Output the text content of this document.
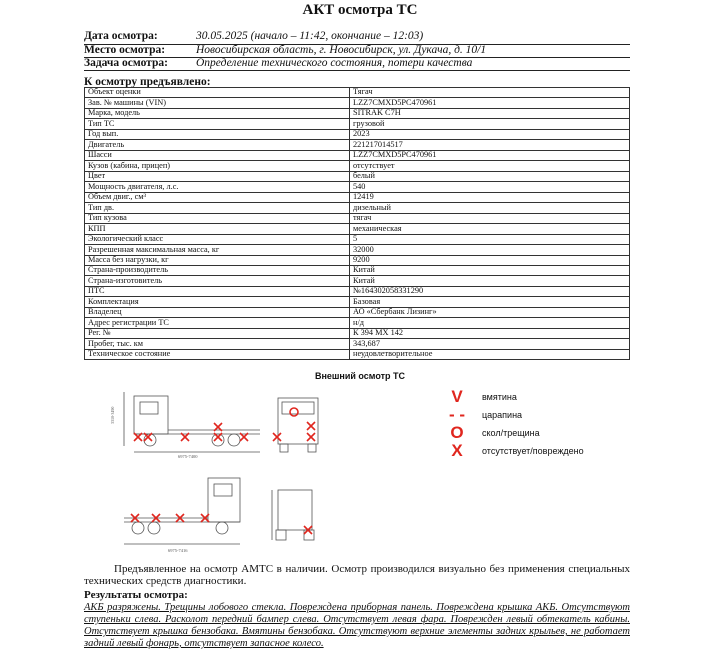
АКТ осмотра ТС
Дата осмотра:	30.05.2025 (начало – 11:42, окончание – 12:03)
Место осмотра:	Новосибирская область, г. Новосибирск, ул. Дукача, д. 10/1
Задача осмотра: Определение технического состояния, потери качества
К осмотру предъявлено:
Объект оценки	Тягач
Зав. № машины (VIN)	LZZ7CMXD5PC470961
Марка, модель	SITRAK C7H
Тип ТС	грузовой
Год вып.	2023
Двигатель	221217014517
Шасси	LZZ7CMXD5PC470961
Кузов (кабина, прицеп)	отсутствует
Цвет	белый
Мощность двигателя, л.с.	540
Объем двиг., см³	12419
Тип дв.	дизельный
Тип кузова	тягач
КПП	механическая
Экологический класс	5
Разрешенная максимальная масса, кг	32000
Масса без нагрузки, кг	9200
Страна-производитель	Китай
Страна-изготовитель	Китай
ПТС	№164302058331290
Комплектация	Базовая
Владелец	АО «Сбербанк Лизинг»
Адрес регистрации ТС	н/д
Рег. №	К 394 МХ 142
Пробег, тыс. км	343,687
Техническое состояние	неудовлетворительное
Внешний осмотр ТС
3310-3490
6975-7400
6975-7416
V	вмятина
- - царапина
O скол/трещина
X	отсутствует/повреждено
Предъявленное на осмотр АМТС в наличии. Осмотр производился визуально без применения специальных технических средств диагностики.
Результаты осмотра:
АКБ разряжены. Трещины лобового стекла. Повреждена приборная панель. Повреждена крышка АКБ. Отсутствуют ступеньки слева. Расколот передний бампер слева. Отсутствует левая фара. Поврежден левый обтекатель кабины. Отсутствует крышка бензобака. Вмятины бензобака. Отсутствуют верхние элементы задних крыльев, не работает задний левый фонарь, отсутствует запасное колесо.
